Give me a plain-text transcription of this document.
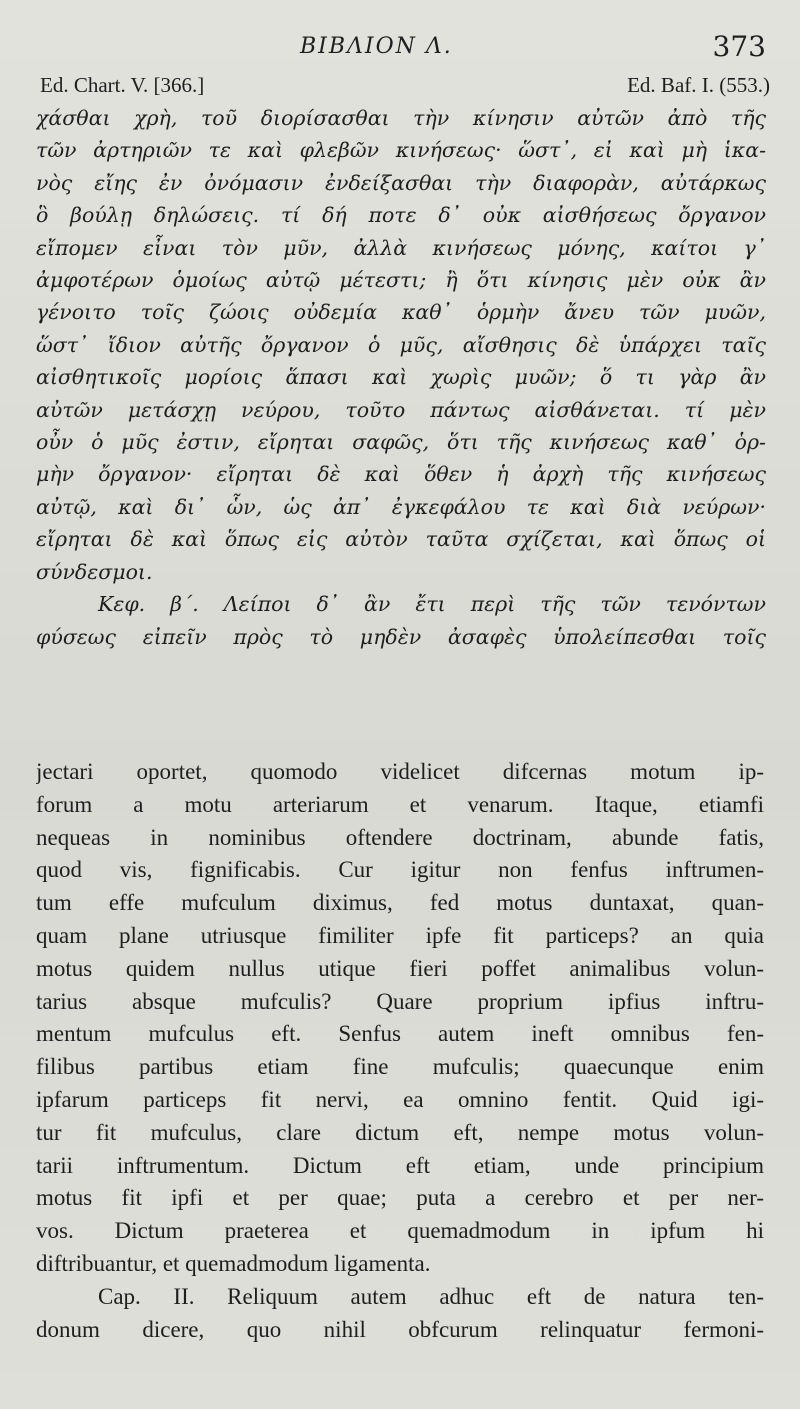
ΒΙΒΛΙΟΝ Λ.	373
Ed. Chart. V. [366.]	Ed. Baf. I. (553.)
χάσθαι χρὴ, τοῦ διορίσασθαι τὴν κίνησιν αὐτῶν ἀπὸ τῆς
τῶν ἀρτηριῶν τε καὶ φλεβῶν κινήσεως· ὥστ᾽, εἰ καὶ μὴ ἱκα-
νὸς εἴης ἐν ὀνόμασιν ἐνδείξασθαι τὴν διαφορὰν, αὐτάρκως
ὃ βούλῃ δηλώσεις. τί δή ποτε δ᾽ οὐκ αἰσθήσεως ὄργανον
εἴπομεν εἶναι τὸν μῦν, ἀλλὰ κινήσεως μόνης, καίτοι γ᾽
ἀμφοτέρων ὁμοίως αὐτῷ μέτεστι; ἢ ὅτι κίνησις μὲν οὐκ ἂν
γένοιτο τοῖς ζώοις οὐδεμία καθ᾽ ὁρμὴν ἄνευ τῶν μυῶν,
ὥστ᾽ ἴδιον αὐτῆς ὄργανον ὁ μῦς, αἴσθησις δὲ ὑπάρχει ταῖς
αἰσθητικοῖς μορίοις ἅπασι καὶ χωρὶς μυῶν; ὅ τι γὰρ ἂν
αὐτῶν μετάσχῃ νεύρου, τοῦτο πάντως αἰσθάνεται. τί μὲν
οὖν ὁ μῦς ἐστιν, εἴρηται σαφῶς, ὅτι τῆς κινήσεως καθ᾽ ὁρ-
μὴν ὄργανον· εἴρηται δὲ καὶ ὅθεν ἡ ἀρχὴ τῆς κινήσεως
αὐτῷ, καὶ δι᾽ ὧν, ὡς ἀπ᾽ ἐγκεφάλου τε καὶ διὰ νεύρων·
εἴρηται δὲ καὶ ὅπως εἰς αὐτὸν ταῦτα σχίζεται, καὶ ὅπως οἱ
σύνδεσμοι.
Κεφ. β΄. Λείποι δ᾽ ἂν ἔτι περὶ τῆς τῶν τενόντων
φύσεως εἰπεῖν πρὸς τὸ μηδὲν ἀσαφὲς ὑπολείπεσθαι τοῖς
jectari oportet, quomodo videlicet difcernas motum ip-
forum a motu arteriarum et venarum. Itaque, etiamfi
nequeas in nominibus oftendere doctrinam, abunde fatis,
quod vis, fignificabis. Cur igitur non fenfus inftrumen-
tum effe mufculum diximus, fed motus duntaxat, quan-
quam plane utriusque fimiliter ipfe fit particeps? an quia
motus quidem nullus utique fieri poffet animalibus volun-
tarius absque mufculis? Quare proprium ipfius inftru-
mentum mufculus eft. Senfus autem ineft omnibus fen-
filibus partibus etiam fine mufculis; quaecunque enim
ipfarum particeps fit nervi, ea omnino fentit. Quid igi-
tur fit mufculus, clare dictum eft, nempe motus volun-
tarii inftrumentum. Dictum eft etiam, unde principium
motus fit ipfi et per quae; puta a cerebro et per ner-
vos. Dictum praeterea et quemadmodum in ipfum hi
diftribuantur, et quemadmodum ligamenta.
Cap. II. Reliquum autem adhuc eft de natura ten-
donum dicere, quo nihil obfcurum relinquatur fermoni-
